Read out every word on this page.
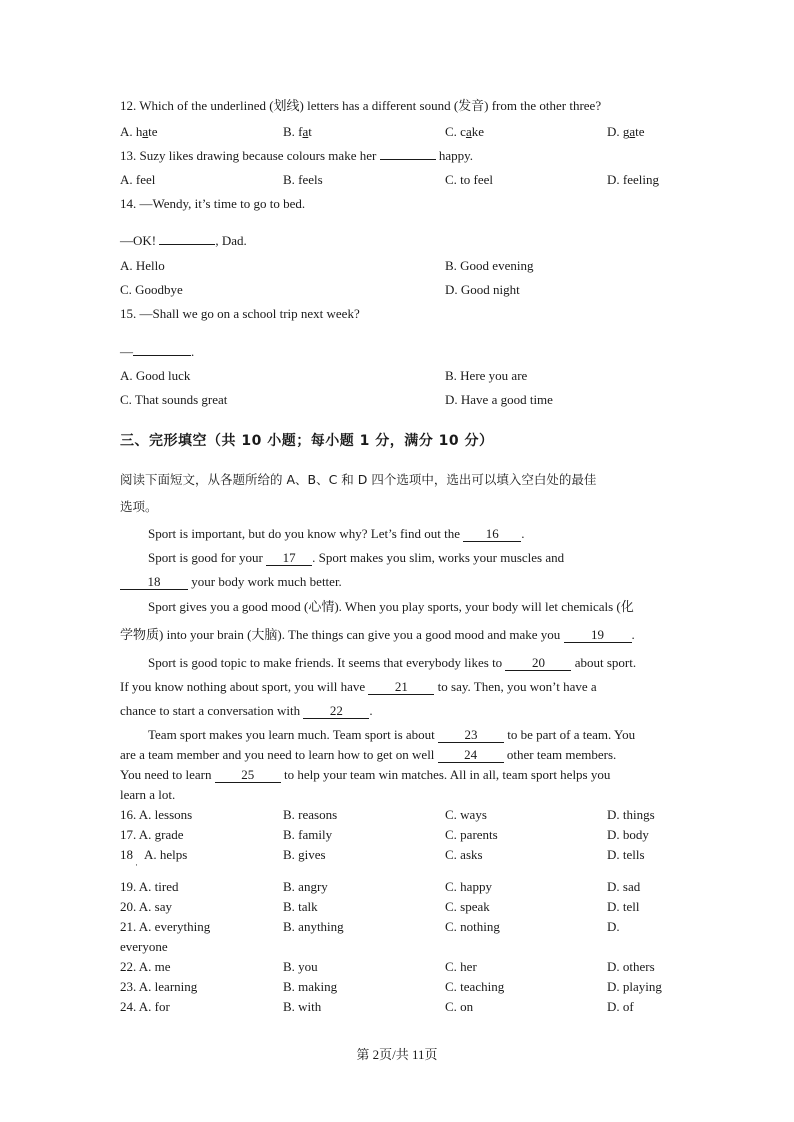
12. Which of the underlined (划线) letters has a different sound (发音) from the other three?
A. hate	B. fat	C. cake	D. gate
13. Suzy likes drawing because colours make her	happy.
A. feel	B. feels	C. to feel	D. feeling
14. —Wendy, it’s time to go to bed.
—OK!	, Dad.
A. Hello	B. Good evening
C. Goodbye	D. Good night
15. —Shall we go on a school trip next week?
—	.
A. Good luck	B. Here you are
C. That sounds great	D. Have a good time
三、完形填空（共 10 小题；每小题 1 分，满分 10 分）
阅读下面短文，从各题所给的 A、B、C 和 D 四个选项中，选出可以填入空白处的最佳
选项。
Sport is important, but do you know why? Let’s find out the 16 .
Sport is good for your 17 . Sport makes you slim, works your muscles and
18 your body work much better.
Sport gives you a good mood (心情). When you play sports, your body will let chemicals (化
学物质) into your brain (大脑). The things can give you a good mood and make you 19 .
Sport is good topic to make friends. It seems that everybody likes to 20 about sport.
If you know nothing about sport, you will have 21 to say. Then, you won’t have a
chance to start a conversation with 22 .
Team sport makes you learn much. Team sport is about 23 to be part of a team. You
are a team member and you need to learn how to get on well 24 other team members.
You need to learn 25 to help your team win matches. All in all, team sport helps you
learn a lot.
16. A. lessons	B. reasons	C. ways	D. things
17. A. grade	B. family	C. parents	D. body
18
·
A. helps	B. gives	C. asks	D. tells
19. A. tired	B. angry	C. happy	D. sad
20. A. say	B. talk	C. speak	D. tell
21. A. everything	B. anything	C. nothing	D.
everyone
22. A. me	B. you	C. her	D. others
23. A. learning	B. making	C. teaching	D. playing
24. A. for	B. with	C. on	D. of
第 2页/共 11页
